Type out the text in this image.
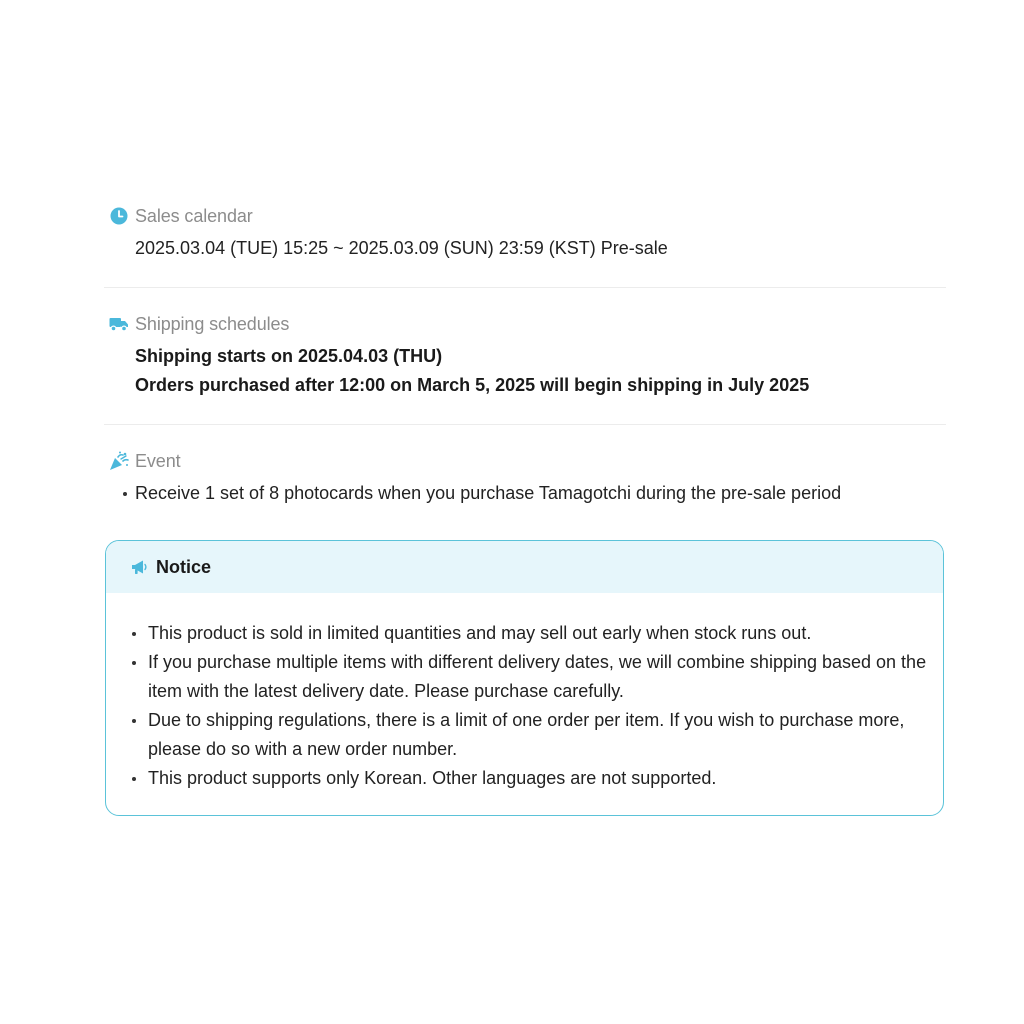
Sales calendar
2025.03.04 (TUE) 15:25 ~ 2025.03.09 (SUN) 23:59 (KST) Pre-sale
Shipping schedules
Shipping starts on 2025.04.03 (THU)
Orders purchased after 12:00 on March 5, 2025 will begin shipping in July 2025
Event
Receive 1 set of 8 photocards when you purchase Tamagotchi during the pre-sale period
Notice
This product is sold in limited quantities and may sell out early when stock runs out.
If you purchase multiple items with different delivery dates, we will combine shipping based on the item with the latest delivery date. Please purchase carefully.
Due to shipping regulations, there is a limit of one order per item. If you wish to purchase more, please do so with a new order number.
This product supports only Korean. Other languages are not supported.
